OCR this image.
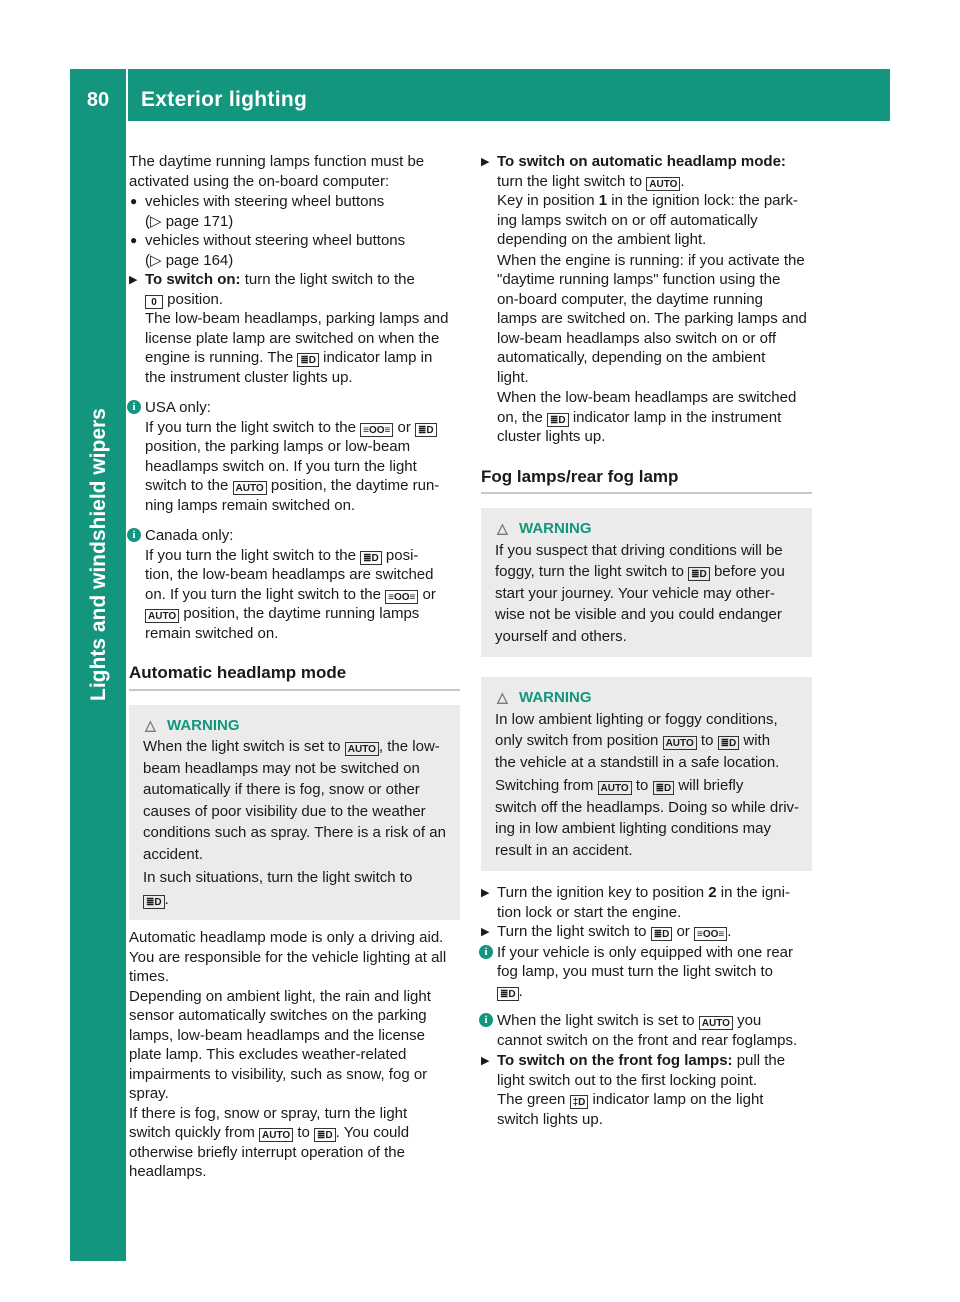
80	Exterior lighting
Lights and windshield wipers

The daytime running lamps function must be

activated using the on-board computer:

● vehicles with steering wheel buttons

(▷ page 171)

● vehicles without steering wheel buttons

(▷ page 164)

▶ To switch on: turn the light switch to the

0 position.

The low-beam headlamps, parking lamps and

license plate lamp are switched on when the

engine is running. The ≣D indicator lamp in

the instrument cluster lights up.

i USA only:

If you turn the light switch to the ≡OO≡ or ≣D

position, the parking lamps or low-beam

headlamps switch on. If you turn the light

switch to the AUTO position, the daytime run-

ning lamps remain switched on.

i Canada only:

If you turn the light switch to the ≣D posi-

tion, the low-beam headlamps are switched

on. If you turn the light switch to the ≡OO≡ or

AUTO position, the daytime running lamps

remain switched on.

Automatic headlamp mode
△ WARNING

When the light switch is set to AUTO , the low-

beam headlamps may not be switched on

automatically if there is fog, snow or other

causes of poor visibility due to the weather

conditions such as spray. There is a risk of an

accident.

In such situations, turn the light switch to

≣D .

Automatic headlamp mode is only a driving aid.

You are responsible for the vehicle lighting at all

times.

Depending on ambient light, the rain and light

sensor automatically switches on the parking

lamps, low-beam headlamps and the license

plate lamp. This excludes weather-related

impairments to visibility, such as snow, fog or

spray.

If there is fog, snow or spray, turn the light

switch quickly from AUTO to ≣D . You could

otherwise briefly interrupt operation of the

headlamps.

▶ To switch on automatic headlamp mode:

turn the light switch to AUTO .

Key in position 1 in the ignition lock: the park-

ing lamps switch on or off automatically

depending on the ambient light.

When the engine is running: if you activate the

"daytime running lamps" function using the

on-board computer, the daytime running

lamps are switched on. The parking lamps and

low-beam headlamps also switch on or off

automatically, depending on the ambient

light.

When the low-beam headlamps are switched

on, the ≣D indicator lamp in the instrument

cluster lights up.

Fog lamps/rear fog lamp
△ WARNING

If you suspect that driving conditions will be

foggy, turn the light switch to ≣D before you

start your journey. Your vehicle may other-

wise not be visible and you could endanger

yourself and others.

△ WARNING

In low ambient lighting or foggy conditions,

only switch from position AUTO to ≣D with

the vehicle at a standstill in a safe location.

Switching from AUTO to ≣D will briefly

switch off the headlamps. Doing so while driv-

ing in low ambient lighting conditions may

result in an accident.

▶ Turn the ignition key to position 2 in the igni-

tion lock or start the engine.

▶ Turn the light switch to ≣D or ≡OO≡ .

i If your vehicle is only equipped with one rear

fog lamp, you must turn the light switch to

≣D .

i When the light switch is set to AUTO you

cannot switch on the front and rear foglamps.

▶ To switch on the front fog lamps: pull the

light switch out to the first locking point.

The green ‡D indicator lamp on the light

switch lights up.
